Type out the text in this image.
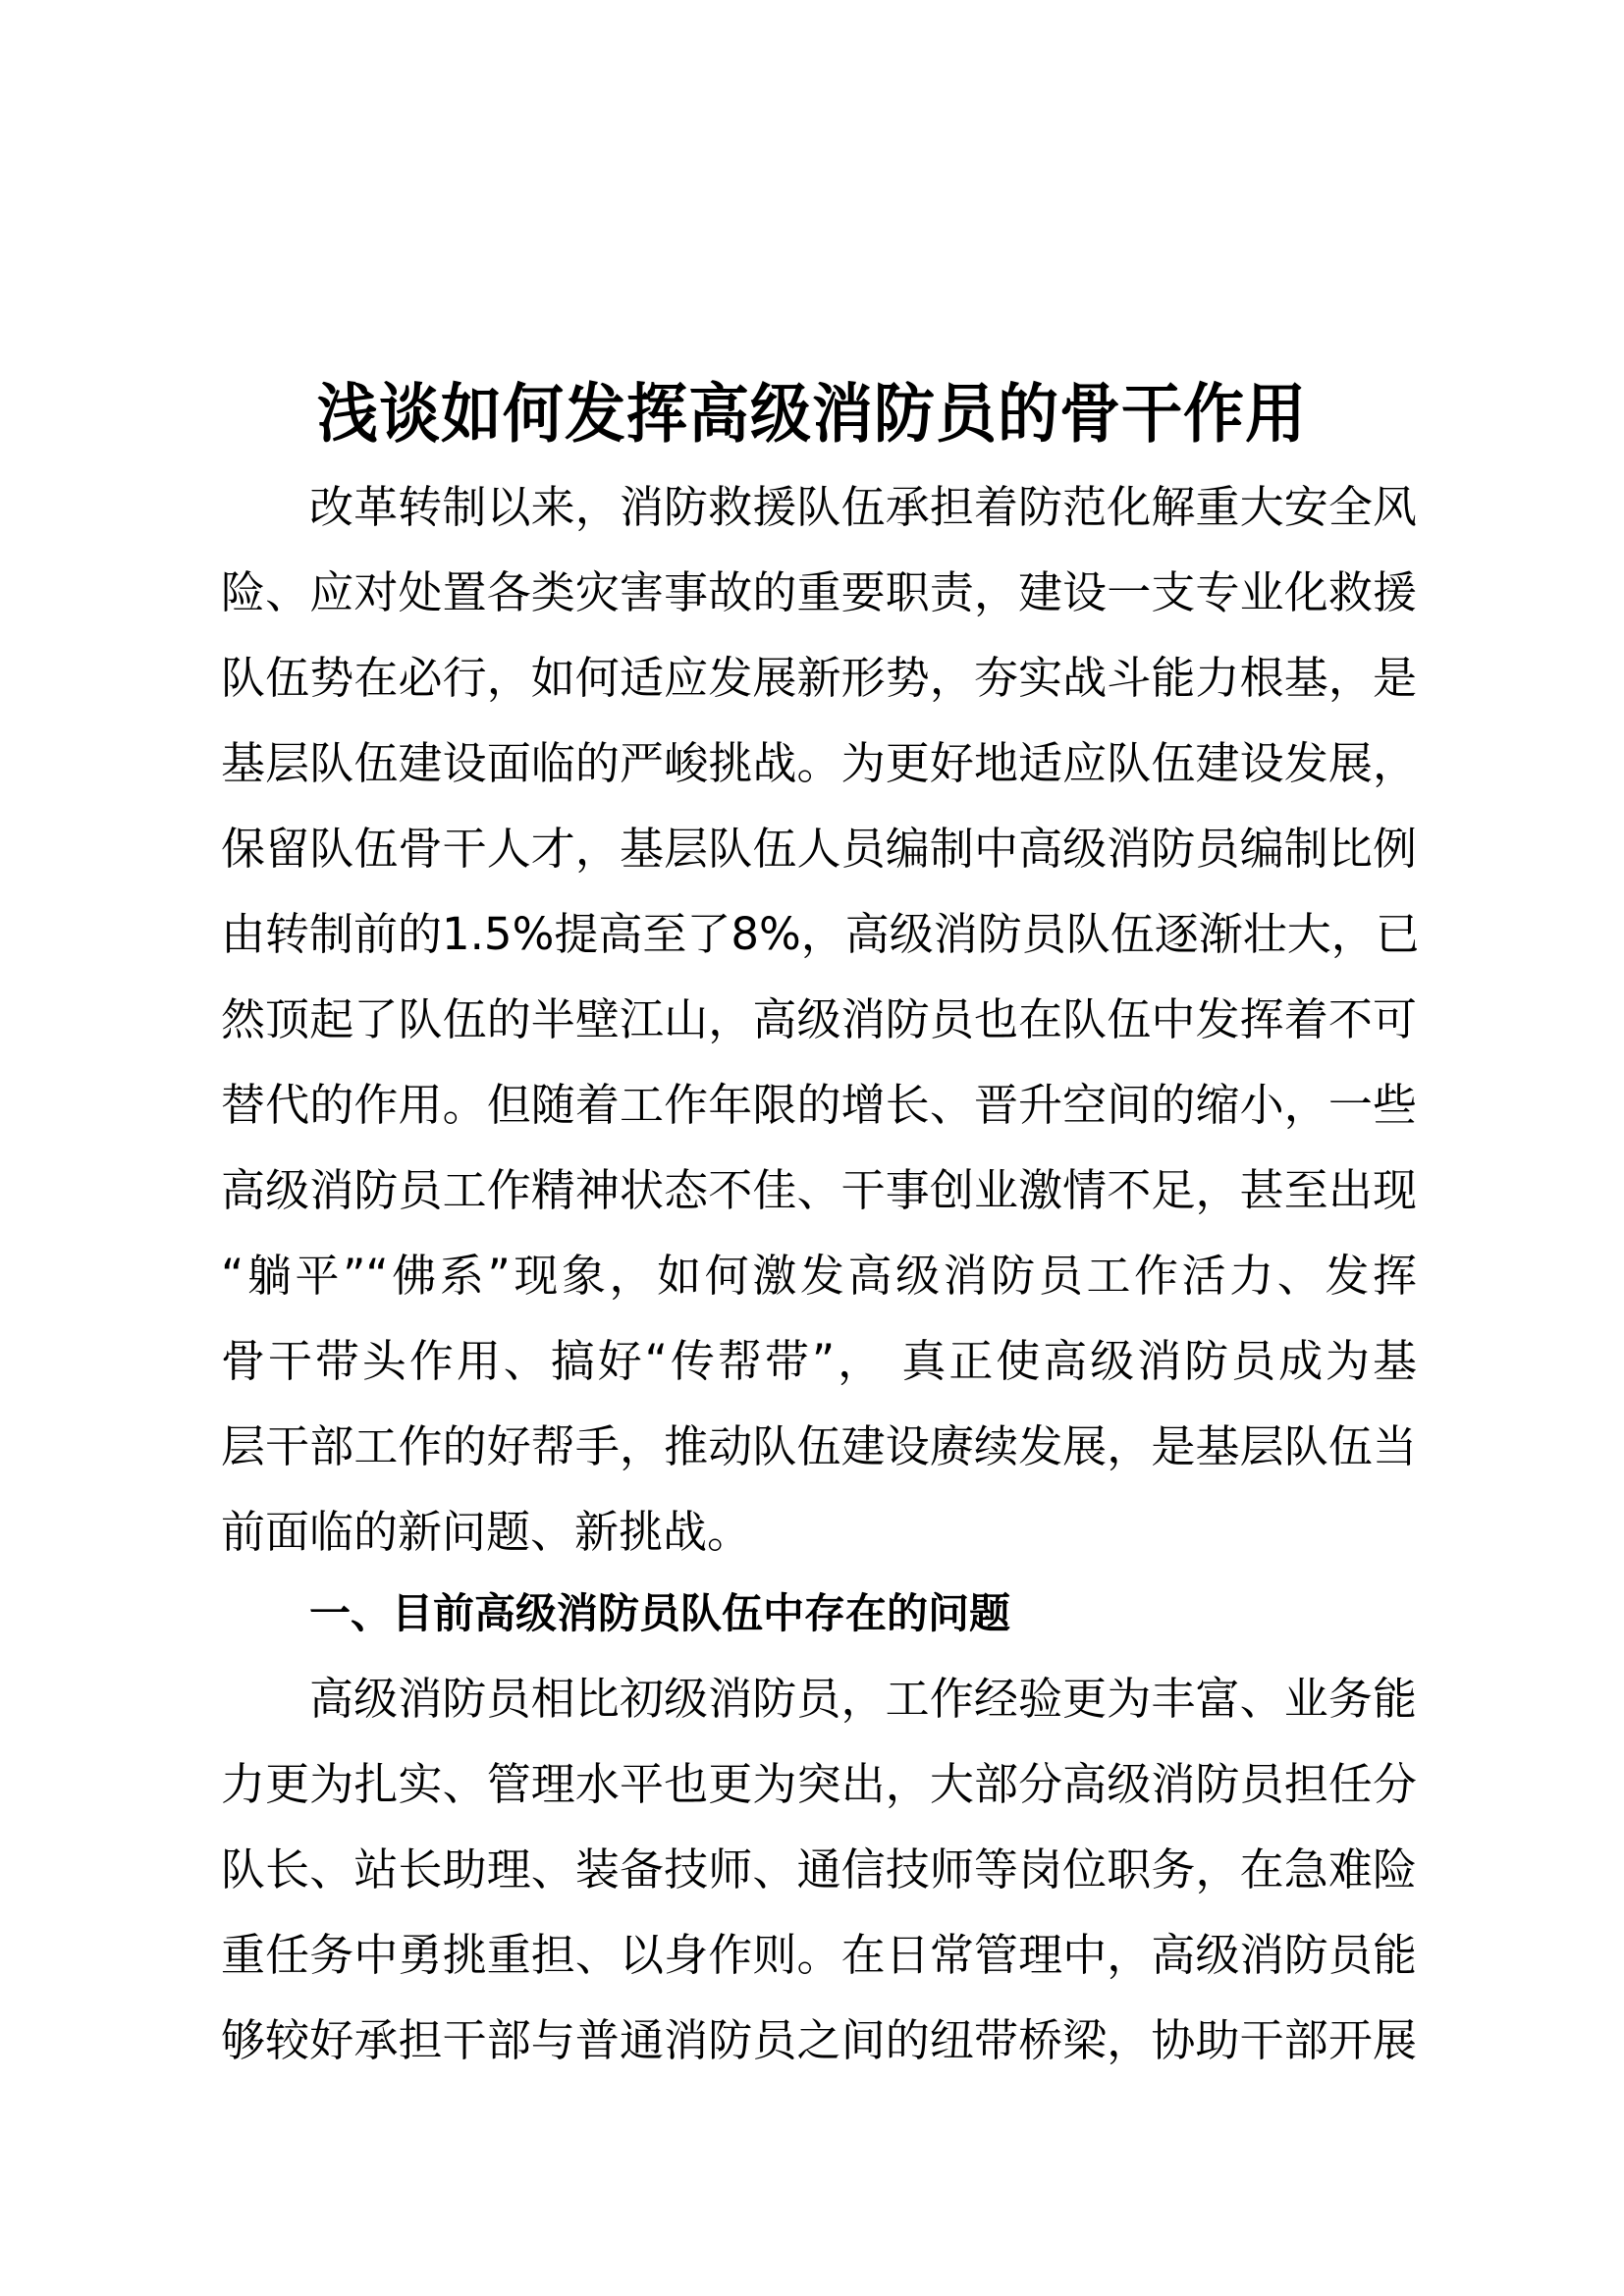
浅谈如何发挥高级消防员的骨干作用
改革转制以来，消防救援队伍承担着防范化解重大安全风
险、应对处置各类灾害事故的重要职责，建设一支专业化救援
队伍势在必行，如何适应发展新形势，夯实战斗能力根基，是
基层队伍建设面临的严峻挑战。为更好地适应队伍建设发展，
保留队伍骨干人才，基层队伍人员编制中高级消防员编制比例
由转制前的1.5%提高至了8%，高级消防员队伍逐渐壮大，已
然顶起了队伍的半壁江山，高级消防员也在队伍中发挥着不可
替代的作用。但随着工作年限的增长、晋升空间的缩小，一些
高级消防员工作精神状态不佳、干事创业激情不足，甚至出现
“躺平”“佛系”现象，如何激发高级消防员工作活力、发挥
骨干带头作用、搞好“传帮带”， 真正使高级消防员成为基
层干部工作的好帮手，推动队伍建设赓续发展，是基层队伍当
前面临的新问题、新挑战。
一、目前高级消防员队伍中存在的问题
高级消防员相比初级消防员，工作经验更为丰富、业务能
力更为扎实、管理水平也更为突出，大部分高级消防员担任分
队长、站长助理、装备技师、通信技师等岗位职务，在急难险
重任务中勇挑重担、以身作则。在日常管理中，高级消防员能
够较好承担干部与普通消防员之间的纽带桥梁，协助干部开展
